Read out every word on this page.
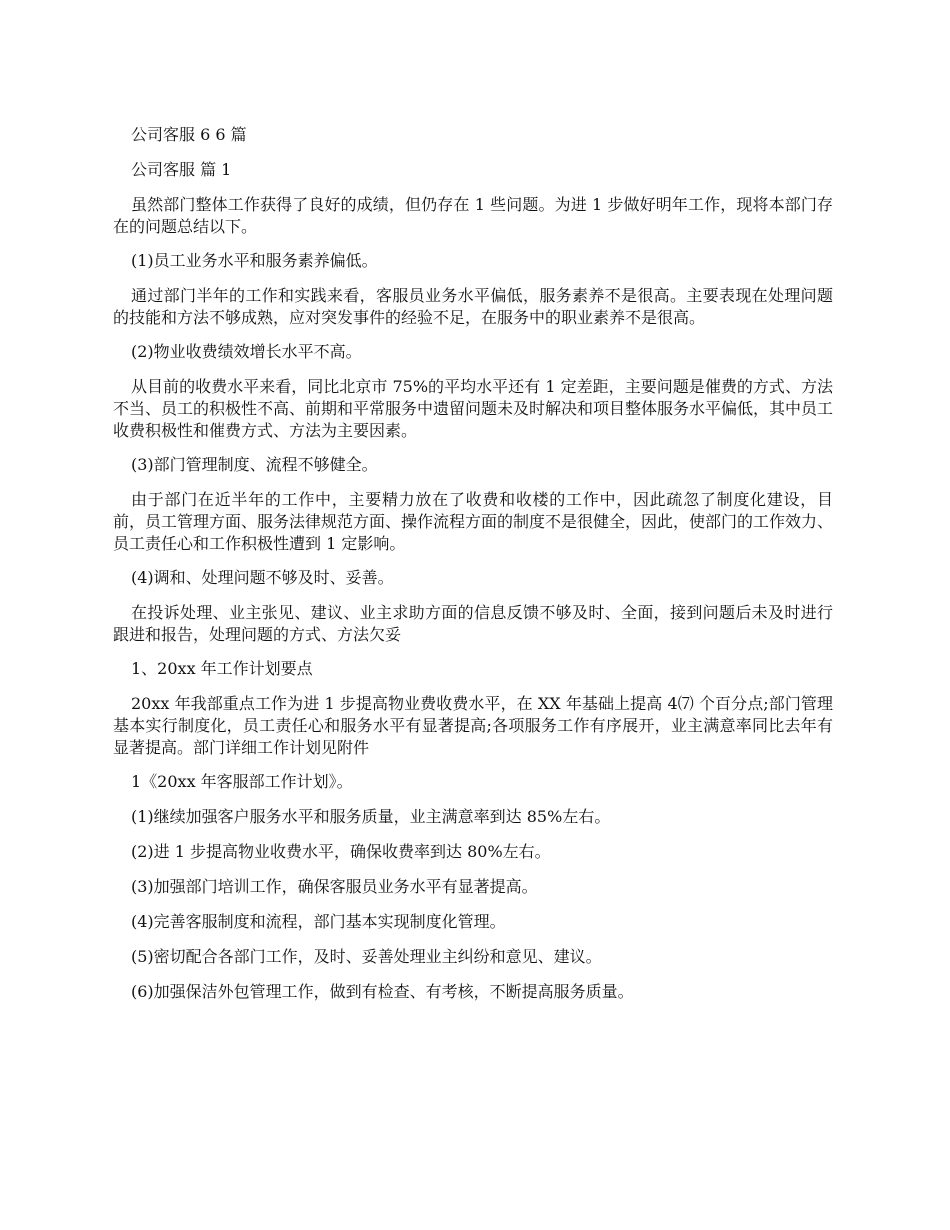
公司客服 6 6 篇

公司客服 篇 1

虽然部门整体工作获得了良好的成绩，但仍存在 1 些问题。为进 1 步做好明年工作，现将本部门存在的问题总结以下。

(1)员工业务水平和服务素养偏低。

通过部门半年的工作和实践来看，客服员业务水平偏低，服务素养不是很高。主要表现在处理问题的技能和方法不够成熟，应对突发事件的经验不足，在服务中的职业素养不是很高。

(2)物业收费绩效增长水平不高。

从目前的收费水平来看，同比北京市 75%的平均水平还有 1 定差距，主要问题是催费的方式、方法不当、员工的积极性不高、前期和平常服务中遗留问题未及时解决和项目整体服务水平偏低，其中员工收费积极性和催费方式、方法为主要因素。

(3)部门管理制度、流程不够健全。

由于部门在近半年的工作中，主要精力放在了收费和收楼的工作中，因此疏忽了制度化建设，目前，员工管理方面、服务法律规范方面、操作流程方面的制度不是很健全，因此，使部门的工作效力、员工责任心和工作积极性遭到 1 定影响。

(4)调和、处理问题不够及时、妥善。

在投诉处理、业主张见、建议、业主求助方面的信息反馈不够及时、全面，接到问题后未及时进行跟进和报告，处理问题的方式、方法欠妥

1、20xx 年工作计划要点

20xx 年我部重点工作为进 1 步提高物业费收费水平，在 XX 年基础上提高 4⑺ 个百分点;部门管理基本实行制度化，员工责任心和服务水平有显著提高;各项服务工作有序展开，业主满意率同比去年有显著提高。部门详细工作计划见附件

1《20xx 年客服部工作计划》。

(1)继续加强客户服务水平和服务质量，业主满意率到达 85%左右。

(2)进 1 步提高物业收费水平，确保收费率到达 80%左右。

(3)加强部门培训工作，确保客服员业务水平有显著提高。

(4)完善客服制度和流程，部门基本实现制度化管理。

(5)密切配合各部门工作，及时、妥善处理业主纠纷和意见、建议。

(6)加强保洁外包管理工作，做到有检查、有考核，不断提高服务质量。
